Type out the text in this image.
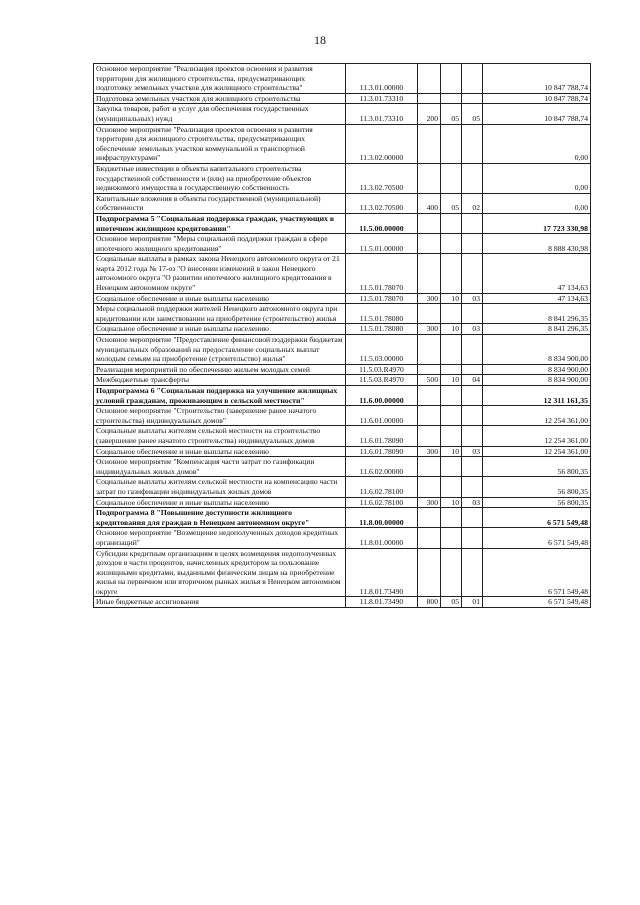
18
Основное мероприятие "Реализация проектов освоения и развития территории для жилищного строительства, предусматривающих подготовку земельных участков для жилищного строительства"	11.3.01.00000				10 847 788,74
Подготовка земельных участков для жилищного строительства	11.3.01.73310				10 847 788,74
Закупка товаров, работ и услуг для обеспечения государственных (муниципальных) нужд	11.3.01.73310	200	05	05	10 847 788,74
Основное мероприятие "Реализация проектов освоения и развития территории для жилищного строительства, предусматривающих обеспечение земельных участков коммунальной и транспортной инфраструктурами"	11.3.02.00000				0,00
Бюджетные инвестиции в объекты капитального строительства государственной собственности и (или) на приобретение объектов недвижимого имущества в государственную собственность	11.3.02.70500				0,00
Капитальные вложения в объекты государственной (муниципальной) собственности	11.3.02.70500	400	05	02	0,00
Подпрограмма 5 "Социальная поддержка граждан, участвующих в ипотечном жилищном кредитовании"	11.5.00.00000				17 723 330,98
Основное мероприятие "Меры социальной поддержки граждан в сфере ипотечного жилищного кредитования"	11.5.01.00000				8 888 430,98
Социальные выплаты в рамках закона Ненецкого автономного округа от 21 марта 2012 года № 17-оз "О внесении изменений в закон Ненецкого автономного округа "О развитии ипотечного жилищного кредитования в Ненецком автономном округе"	11.5.01.78070				47 134,63
Социальное обеспечение и иные выплаты населению	11.5.01.78070	300	10	03	47 134,63
Меры социальной поддержки жителей Ненецкого автономного округа при кредитовании или заимствовании на приобретение (строительство) жилья	11.5.01.78080				8 841 296,35
Социальное обеспечение и иные выплаты населению	11.5.01.78080	300	10	03	8 841 296,35
Основное мероприятие "Предоставление финансовой поддержки бюджетам муниципальных образований на предоставление социальных выплат молодым семьям на приобретение (строительство) жилья"	11.5.03.00000				8 834 900,00
Реализация мероприятий по обеспечению жильем молодых семей	11.5.03.R4970				8 834 900,00
Межбюджетные трансферты	11.5.03.R4970	500	10	04	8 834 900,00
Подпрограмма 6 "Социальная поддержка на улучшение жилищных условий гражданам, проживающим в сельской местности"	11.6.00.00000				12 311 161,35
Основное мероприятие "Строительство (завершение ранее начатого строительства) индивидуальных домов"	11.6.01.00000				12 254 361,00
Социальные выплаты жителям сельской местности на строительство (завершение ранее начатого строительства) индивидуальных домов	11.6.01.78090				12 254 361,00
Социальное обеспечение и иные выплаты населению	11.6.01.78090	300	10	03	12 254 361,00
Основное мероприятие "Компенсация части затрат по газификации индивидуальных жилых домов"	11.6.02.00000				56 800,35
Социальные выплаты жителям сельской местности на компенсацию части затрат по газификации индивидуальных жилых домов	11.6.02.78100				56 800,35
Социальное обеспечение и иные выплаты населению	11.6.02.78100	300	10	03	56 800,35
Подпрограмма 8 "Повышение доступности жилищного кредитования для граждан в Ненецком автономном округе"	11.8.00.00000				6 571 549,48
Основное мероприятие "Возмещение недополученных доходов кредитных организаций"	11.8.01.00000				6 571 549,48
Субсидии кредитным организациям в целях возмещения недополученных доходов в части процентов, начисленных кредитором за пользование жилищными кредитами, выданными физическим лицам на приобретение жилья на первичном или вторичном рынках жилья в Ненецком автономном округе	11.8.01.73490				6 571 549,48
Иные бюджетные ассигнования	11.8.01.73490	800	05	01	6 571 549,48
